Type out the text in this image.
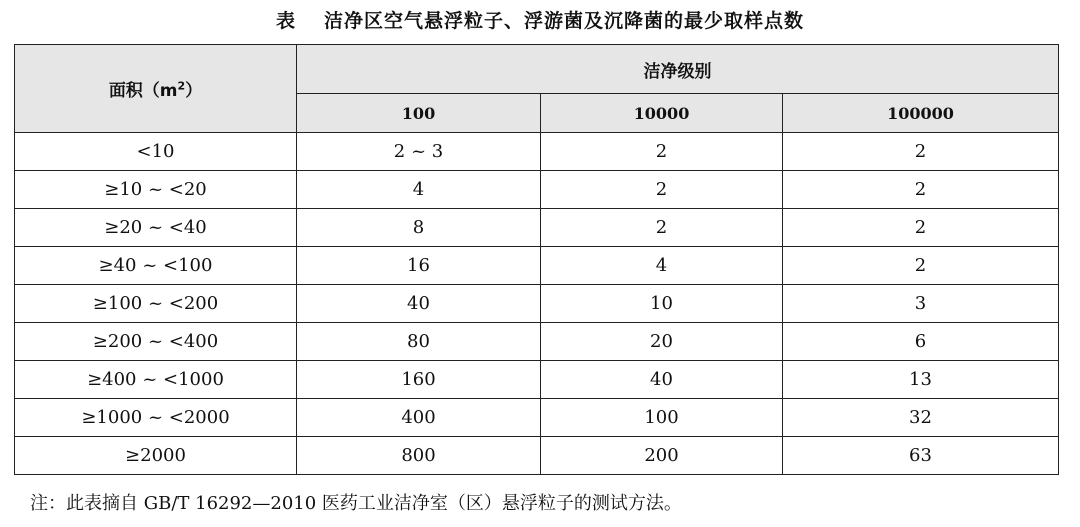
表 洁净区空气悬浮粒子、浮游菌及沉降菌的最少取样点数
面积$(m^2)$	洁净级别		
	100	10000	100000
<10	2 ~ 3	2	2
≥10 ~ <20	4	2	2
≥20 ~ <40	8	2	2
≥40 ~ <100	16	4	2
≥100 ~ <200	40	10	3
≥200 ~ <400	80	20	6
≥400 ~ <1000	160	40	13
≥1000 ~ <2000	400	100	32
≥2000	800	200	63
注：此表摘自 GB/T 16292—2010 医药工业洁净室（区）悬浮粒子的测试方法。
